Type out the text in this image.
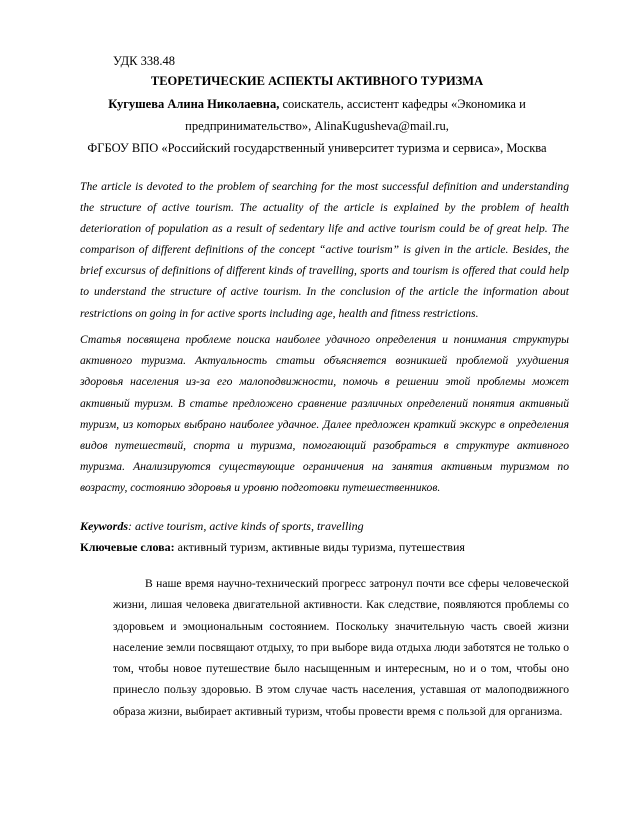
УДК 338.48

ТЕОРЕТИЧЕСКИЕ АСПЕКТЫ АКТИВНОГО ТУРИЗМА

Кугушева Алина Николаевна, соискатель, ассистент кафедры «Экономика и
предпринимательство», AlinaKugusheva@mail.ru,
ФГБОУ ВПО «Российский государственный университет туризма и сервиса», Москва

The article is devoted to the problem of searching for the most successful definition and understanding the structure of active tourism. The actuality of the article is explained by the problem of health deterioration of population as a result of sedentary life and active tourism could be of great help. The comparison of different definitions of the concept “active tourism” is given in the article. Besides, the brief excursus of definitions of different kinds of travelling, sports and tourism is offered that could help to understand the structure of active tourism. In the conclusion of the article the information about restrictions on going in for active sports including age, health and fitness restrictions.

Статья посвящена проблеме поиска наиболее удачного определения и понимания структуры активного туризма. Актуальность статьи объясняется возникшей проблемой ухудшения здоровья населения из-за его малоподвижности, помочь в решении этой проблемы может активный туризм. В статье предложено сравнение различных определений понятия активный туризм, из которых выбрано наиболее удачное. Далее предложен краткий экскурс в определения видов путешествий, спорта и туризма, помогающий разобраться в структуре активного туризма. Анализируются существующие ограничения на занятия активным туризмом по возрасту, состоянию здоровья и уровню подготовки путешественников.

Keywords: active tourism, active kinds of sports, travelling
Ключевые слова: активный туризм, активные виды туризма, путешествия

В наше время научно-технический прогресс затронул почти все сферы человеческой жизни, лишая человека двигательной активности. Как следствие, появляются проблемы со здоровьем и эмоциональным состоянием. Поскольку значительную часть своей жизни население земли посвящают отдыху, то при выборе вида отдыха люди заботятся не только о том, чтобы новое путешествие было насыщенным и интересным, но и о том, чтобы оно принесло пользу здоровью. В этом случае часть населения, уставшая от малоподвижного образа жизни, выбирает активный туризм, чтобы провести время с пользой для организма.
